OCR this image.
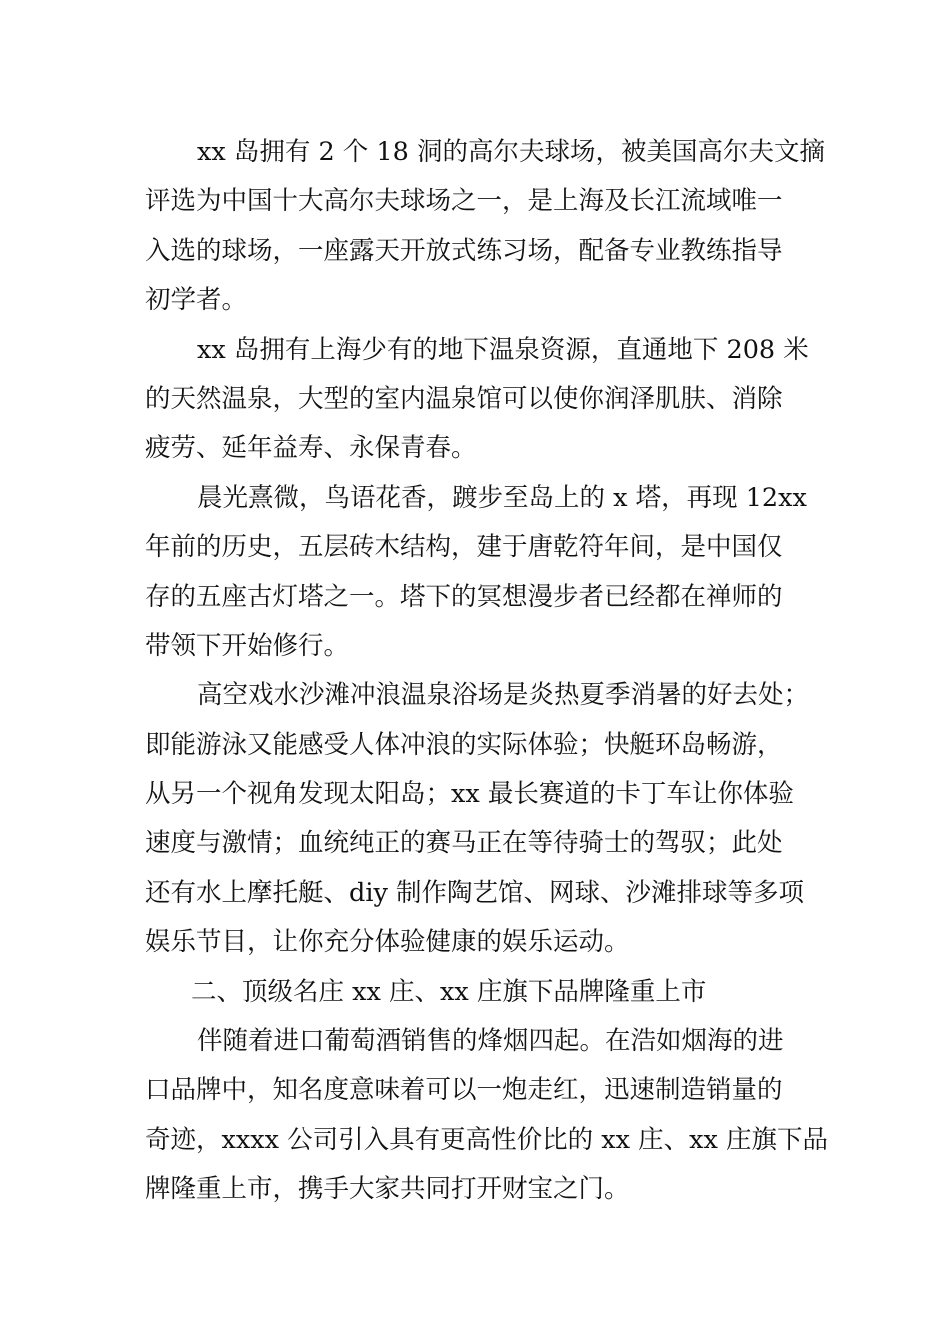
xx 岛拥有 2 个 18 洞的高尔夫球场，被美国高尔夫文摘
评选为中国十大高尔夫球场之一，是上海及长江流域唯一
入选的球场，一座露天开放式练习场，配备专业教练指导
初学者。
xx 岛拥有上海少有的地下温泉资源，直通地下 208 米
的天然温泉，大型的室内温泉馆可以使你润泽肌肤、消除
疲劳、延年益寿、永保青春。
晨光熹微，鸟语花香，踱步至岛上的 x 塔，再现 12xx
年前的历史，五层砖木结构，建于唐乾符年间，是中国仅
存的五座古灯塔之一。塔下的冥想漫步者已经都在禅师的
带领下开始修行。
高空戏水沙滩冲浪温泉浴场是炎热夏季消暑的好去处；
即能游泳又能感受人体冲浪的实际体验；快艇环岛畅游，
从另一个视角发现太阳岛；xx 最长赛道的卡丁车让你体验
速度与激情；血统纯正的赛马正在等待骑士的驾驭；此处
还有水上摩托艇、diy 制作陶艺馆、网球、沙滩排球等多项
娱乐节目，让你充分体验健康的娱乐运动。
二、顶级名庄 xx 庄、xx 庄旗下品牌隆重上市
伴随着进口葡萄酒销售的烽烟四起。在浩如烟海的进
口品牌中，知名度意味着可以一炮走红，迅速制造销量的
奇迹，xxxx 公司引入具有更高性价比的 xx 庄、xx 庄旗下品
牌隆重上市，携手大家共同打开财宝之门。
